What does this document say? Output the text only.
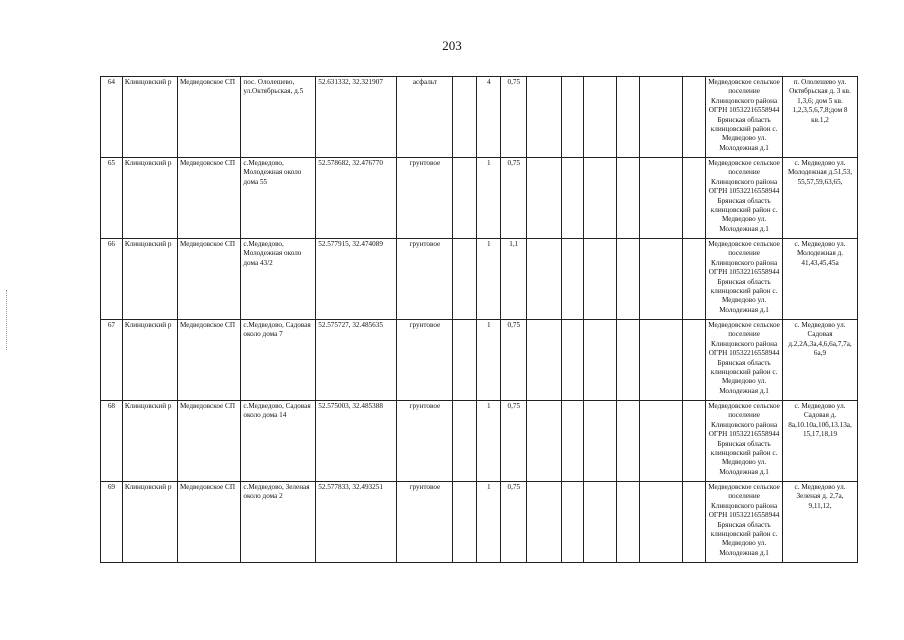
203
64	Клинцовский р	Медведовское СП	пос. Ололешево, ул.Октябрьская, д.5	52.631332, 32.321907	асфальт		4	0,75							Медведовское сельское поселение Клинцовского района ОГРН 10532216558944 Брянская область клинцовский район с. Медведово ул. Молодежная д.1	п. Ололешево ул. Октябрьская д. 3 кв. 1,3,6; дом 5 кв. 1,2,3,5,6,7,8;дом 8 кв.1,2

65	Клинцовский р	Медведовское СП	с.Медведово, Молодежная около дома 55	52.578682, 32.476770	грунтовое		1	0,75							Медведовское сельское поселение Клинцовского района ОГРН 10532216558944 Брянская область клинцовский район с. Медведово ул. Молодежная д.1	с. Медведово ул. Молодежная д.51,53, 55,57,59,63,65,

66	Клинцовский р	Медведовское СП	с.Медведово, Молодежная около дома 43/2	52.577915, 32.474089	грунтовое		1	1,1							Медведовское сельское поселение Клинцовского района ОГРН 10532216558944 Брянская область клинцовский район с. Медведово ул. Молодежная д.1	с. Медведово ул. Молодежная д. 41,43,45,45а

67	Клинцовский р	Медведовское СП	с.Медведово, Садовая около дома 7	52.575727, 32.485635	грунтовое		1	0,75							Медведовское сельское поселение Клинцовского района ОГРН 10532216558944 Брянская область клинцовский район с. Медведово ул. Молодежная д.1	с. Медведово ул. Садовая д.2,2А,3а,4,6,6а,7,7а, 6а,9

68	Клинцовский р	Медведовское СП	с.Медведово, Садовая около дома 14	52.575003, 32.485388	грунтовое		1	0,75							Медведовское сельское поселение Клинцовского района ОГРН 10532216558944 Брянская область клинцовский район с. Медведово ул. Молодежная д.1	с. Медведово ул. Садовая д. 8а,10.10а,10б,13.13а, 15,17,18,19

69	Клинцовский р	Медведовское СП	с.Медведово, Зеленая около дома 2	52.577833, 32.493251	грунтовое		1	0,75							Медведовское сельское поселение Клинцовского района ОГРН 10532216558944 Брянская область клинцовский район с. Медведово ул. Молодежная д.1	с. Медведово ул. Зеленая д. 2,7а, 9,11,12,
